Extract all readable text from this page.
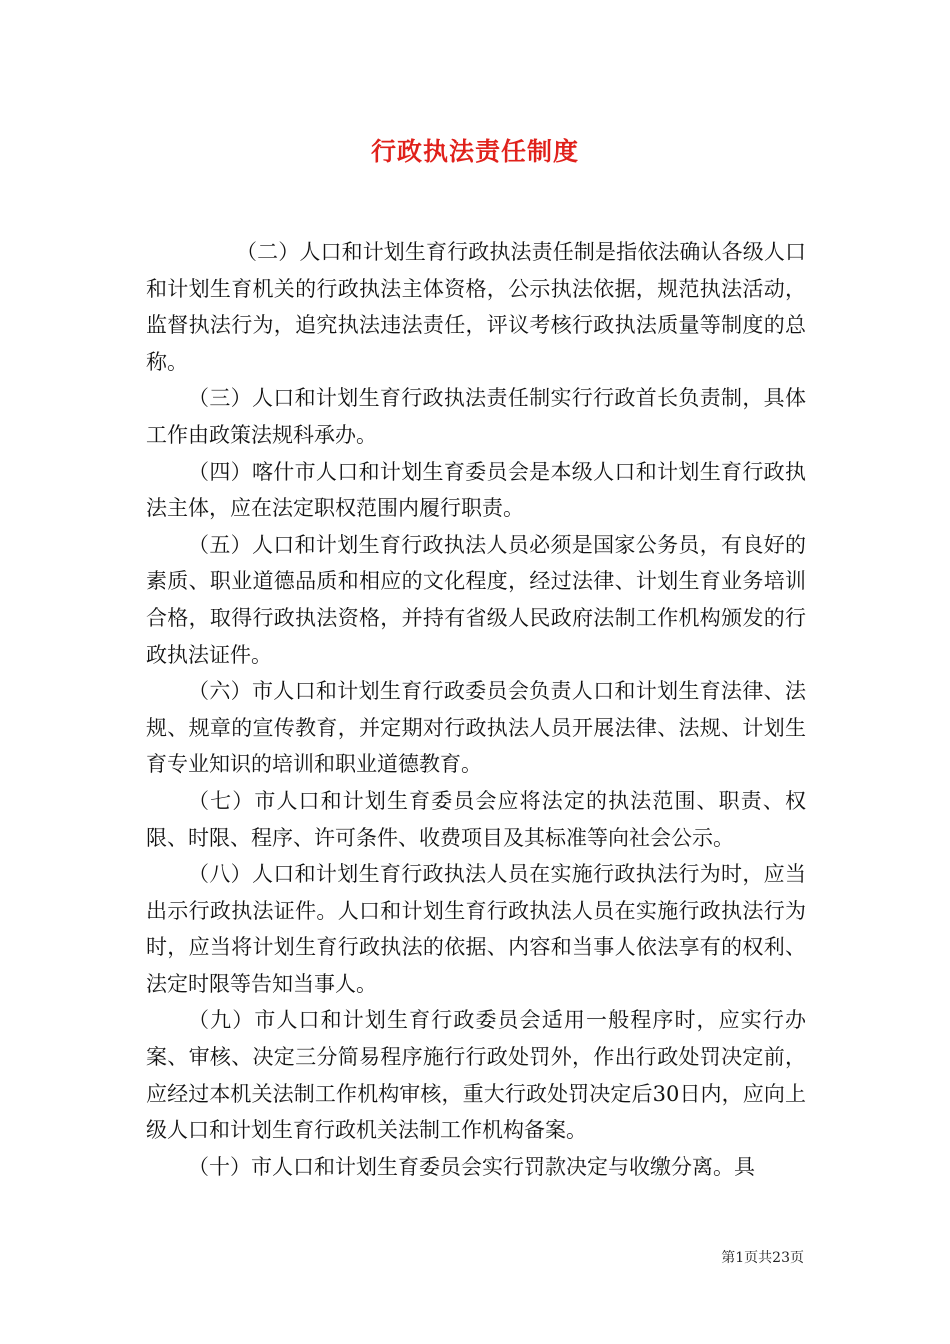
行政执法责任制度

（二）人口和计划生育行政执法责任制是指依法确认各级人口和计划生育机关的行政执法主体资格，公示执法依据，规范执法活动，监督执法行为，追究执法违法责任，评议考核行政执法质量等制度的总称。

（三）人口和计划生育行政执法责任制实行行政首长负责制，具体工作由政策法规科承办。

（四）喀什市人口和计划生育委员会是本级人口和计划生育行政执法主体，应在法定职权范围内履行职责。

（五）人口和计划生育行政执法人员必须是国家公务员，有良好的素质、职业道德品质和相应的文化程度，经过法律、计划生育业务培训合格，取得行政执法资格，并持有省级人民政府法制工作机构颁发的行政执法证件。

（六）市人口和计划生育行政委员会负责人口和计划生育法律、法规、规章的宣传教育，并定期对行政执法人员开展法律、法规、计划生育专业知识的培训和职业道德教育。

（七）市人口和计划生育委员会应将法定的执法范围、职责、权限、时限、程序、许可条件、收费项目及其标准等向社会公示。

（八）人口和计划生育行政执法人员在实施行政执法行为时，应当出示行政执法证件。人口和计划生育行政执法人员在实施行政执法行为时，应当将计划生育行政执法的依据、内容和当事人依法享有的权利、法定时限等告知当事人。

（九）市人口和计划生育行政委员会适用一般程序时，应实行办案、审核、决定三分简易程序施行行政处罚外，作出行政处罚决定前，应经过本机关法制工作机构审核，重大行政处罚决定后30日内，应向上级人口和计划生育行政机关法制工作机构备案。

（十）市人口和计划生育委员会实行罚款决定与收缴分离。具

第1页共23页
